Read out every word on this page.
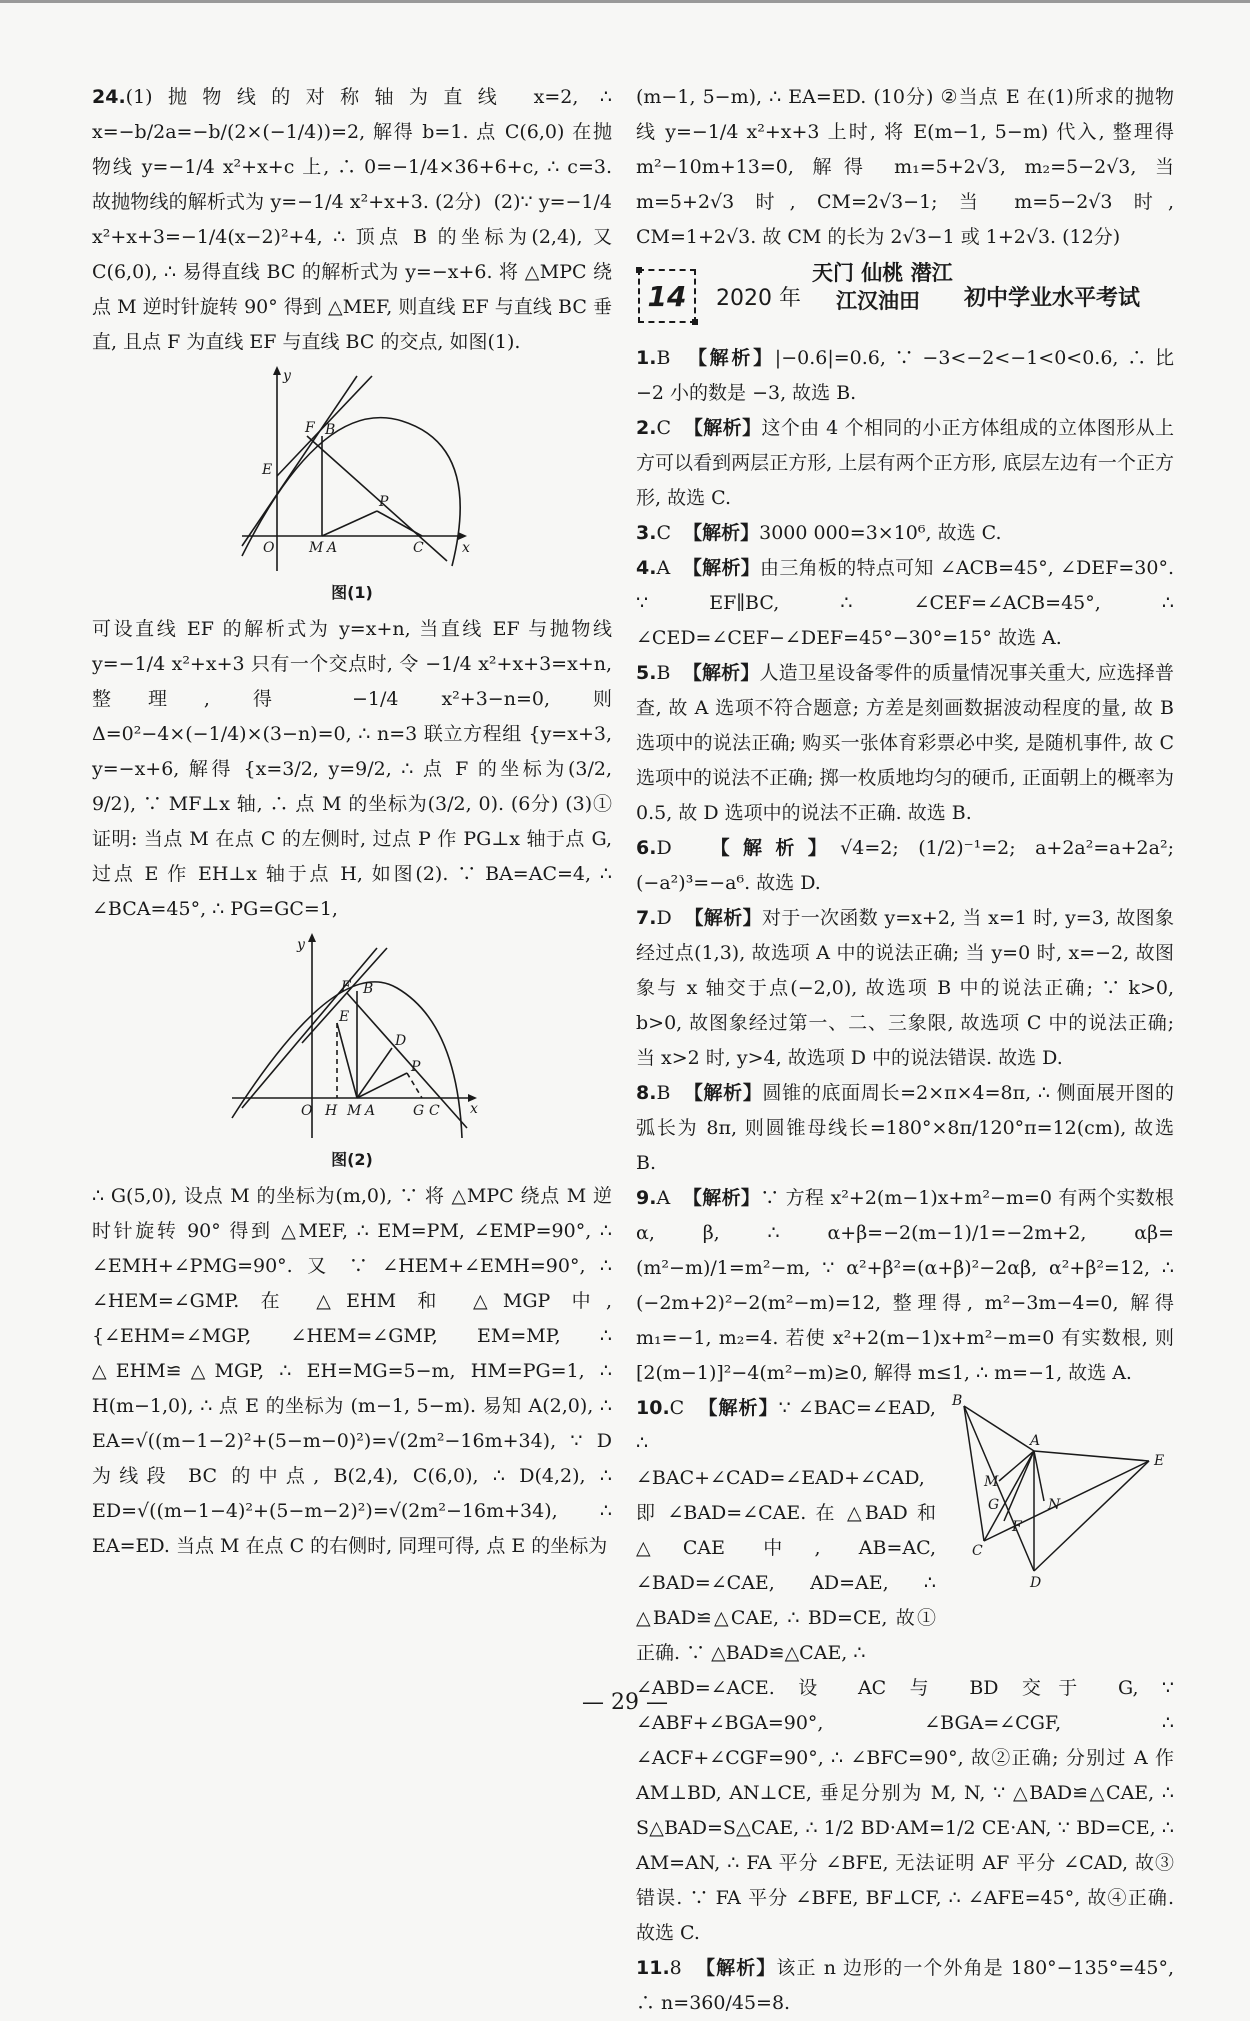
24.(1)抛物线的对称轴为直线 x=2, ∴ x=−b/2a=−b/(2×(−1/4))=2, 解得 b=1. 点 C(6,0) 在抛物线 y=−1/4 x²+x+c 上, ∴ 0=−1/4×36+6+c, ∴ c=3. 故抛物线的解析式为 y=−1/4 x²+x+3. (2分)  (2)∵ y=−1/4 x²+x+3=−1/4(x−2)²+4, ∴ 顶点 B 的坐标为(2,4), 又 C(6,0), ∴ 易得直线 BC 的解析式为 y=−x+6. 将 △MPC 绕点 M 逆时针旋转 90° 得到 △MEF, 则直线 EF 与直线 BC 垂直, 且点 F 为直线 EF 与直线 BC 的交点, 如图(1).

x
y
O M A	C
E
F B
P
图(1)

可设直线 EF 的解析式为 y=x+n, 当直线 EF 与抛物线 y=−1/4 x²+x+3 只有一个交点时, 令 −1/4 x²+x+3=x+n, 整理, 得 −1/4 x²+3−n=0, 则 Δ=0²−4×(−1/4)×(3−n)=0, ∴ n=3 联立方程组 {y=x+3, y=−x+6, 解得 {x=3/2, y=9/2, ∴ 点 F 的坐标为(3/2, 9/2), ∵ MF⊥x 轴, ∴ 点 M 的坐标为(3/2, 0). (6分) (3)①证明: 当点 M 在点 C 的左侧时, 过点 P 作 PG⊥x 轴于点 G, 过点 E 作 EH⊥x 轴于点 H, 如图(2). ∵ BA=AC=4, ∴ ∠BCA=45°, ∴ PG=GC=1,

x
y
O H M A	G C
E
F B
D
P
图(2)

∴ G(5,0), 设点 M 的坐标为(m,0), ∵ 将 △MPC 绕点 M 逆时针旋转 90° 得到 △MEF, ∴ EM=PM, ∠EMP=90°, ∴ ∠EMH+∠PMG=90°. 又 ∵ ∠HEM+∠EMH=90°, ∴ ∠HEM=∠GMP. 在 △EHM 和 △MGP 中, {∠EHM=∠MGP, ∠HEM=∠GMP, EM=MP, ∴ △EHM≌△MGP, ∴ EH=MG=5−m, HM=PG=1, ∴ H(m−1,0), ∴ 点 E 的坐标为 (m−1, 5−m). 易知 A(2,0), ∴ EA=√((m−1−2)²+(5−m−0)²)=√(2m²−16m+34), ∵ D 为线段 BC 的中点, B(2,4), C(6,0), ∴ D(4,2), ∴ ED=√((m−1−4)²+(5−m−2)²)=√(2m²−16m+34), ∴ EA=ED. 当点 M 在点 C 的右侧时, 同理可得, 点 E 的坐标为

(m−1, 5−m), ∴ EA=ED. (10分) ②当点 E 在(1)所求的抛物线 y=−1/4 x²+x+3 上时, 将 E(m−1, 5−m) 代入, 整理得 m²−10m+13=0, 解得 m₁=5+2√3, m₂=5−2√3, 当 m=5+2√3 时, CM=2√3−1; 当 m=5−2√3 时, CM=1+2√3. 故 CM 的长为 2√3−1 或 1+2√3. (12分)

14	2020 年
天门 仙桃 潜江
江汉油田	初中学业水平考试

1.B 【解析】|−0.6|=0.6, ∵ −3<−2<−1<0<0.6, ∴ 比 −2 小的数是 −3, 故选 B.

2.C 【解析】这个由 4 个相同的小正方体组成的立体图形从上方可以看到两层正方形, 上层有两个正方形, 底层左边有一个正方形, 故选 C.

3.C 【解析】3000 000=3×10⁶, 故选 C.

4.A 【解析】由三角板的特点可知 ∠ACB=45°, ∠DEF=30°. ∵ EF∥BC, ∴ ∠CEF=∠ACB=45°, ∴ ∠CED=∠CEF−∠DEF=45°−30°=15° 故选 A.

5.B 【解析】人造卫星设备零件的质量情况事关重大, 应选择普查, 故 A 选项不符合题意; 方差是刻画数据波动程度的量, 故 B 选项中的说法正确; 购买一张体育彩票必中奖, 是随机事件, 故 C 选项中的说法不正确; 掷一枚质地均匀的硬币, 正面朝上的概率为 0.5, 故 D 选项中的说法不正确. 故选 B.

6.D 【解析】√4=2; (1/2)⁻¹=2; a+2a²=a+2a²; (−a²)³=−a⁶. 故选 D.

7.D 【解析】对于一次函数 y=x+2, 当 x=1 时, y=3, 故图象经过点(1,3), 故选项 A 中的说法正确; 当 y=0 时, x=−2, 故图象与 x 轴交于点(−2,0), 故选项 B 中的说法正确; ∵ k>0, b>0, 故图象经过第一、二、三象限, 故选项 C 中的说法正确; 当 x>2 时, y>4, 故选项 D 中的说法错误. 故选 D.

8.B 【解析】圆锥的底面周长=2×π×4=8π, ∴ 侧面展开图的弧长为 8π, 则圆锥母线长=180°×8π/120°π=12(cm), 故选 B.

9.A 【解析】∵ 方程 x²+2(m−1)x+m²−m=0 有两个实数根 α, β, ∴ α+β=−2(m−1)/1=−2m+2, αβ=(m²−m)/1=m²−m, ∵ α²+β²=(α+β)²−2αβ, α²+β²=12, ∴ (−2m+2)²−2(m²−m)=12, 整理得, m²−3m−4=0, 解得 m₁=−1, m₂=4. 若使 x²+2(m−1)x+m²−m=0 有实数根, 则 [2(m−1)]²−4(m²−m)≥0, 解得 m≤1, ∴ m=−1, 故选 A.

B
A
E
M
G	N
F
C
D

10.C 【解析】∵ ∠BAC=∠EAD, ∴ ∠BAC+∠CAD=∠EAD+∠CAD, 即 ∠BAD=∠CAE. 在 △BAD 和 △CAE 中, AB=AC, ∠BAD=∠CAE, AD=AE, ∴ △BAD≌△CAE, ∴ BD=CE, 故①正确. ∵ △BAD≌△CAE, ∴

∠ABD=∠ACE. 设 AC 与 BD 交于 G, ∵ ∠ABF+∠BGA=90°, ∠BGA=∠CGF, ∴ ∠ACF+∠CGF=90°, ∴ ∠BFC=90°, 故②正确; 分别过 A 作 AM⊥BD, AN⊥CE, 垂足分别为 M, N, ∵ △BAD≌△CAE, ∴ S△BAD=S△CAE, ∴ 1/2 BD·AM=1/2 CE·AN, ∵ BD=CE, ∴ AM=AN, ∴ FA 平分 ∠BFE, 无法证明 AF 平分 ∠CAD, 故③错误. ∵ FA 平分 ∠BFE, BF⊥CF, ∴ ∠AFE=45°, 故④正确. 故选 C.

11.8 【解析】该正 n 边形的一个外角是 180°−135°=45°, ∴ n=360/45=8.

— 29 —
